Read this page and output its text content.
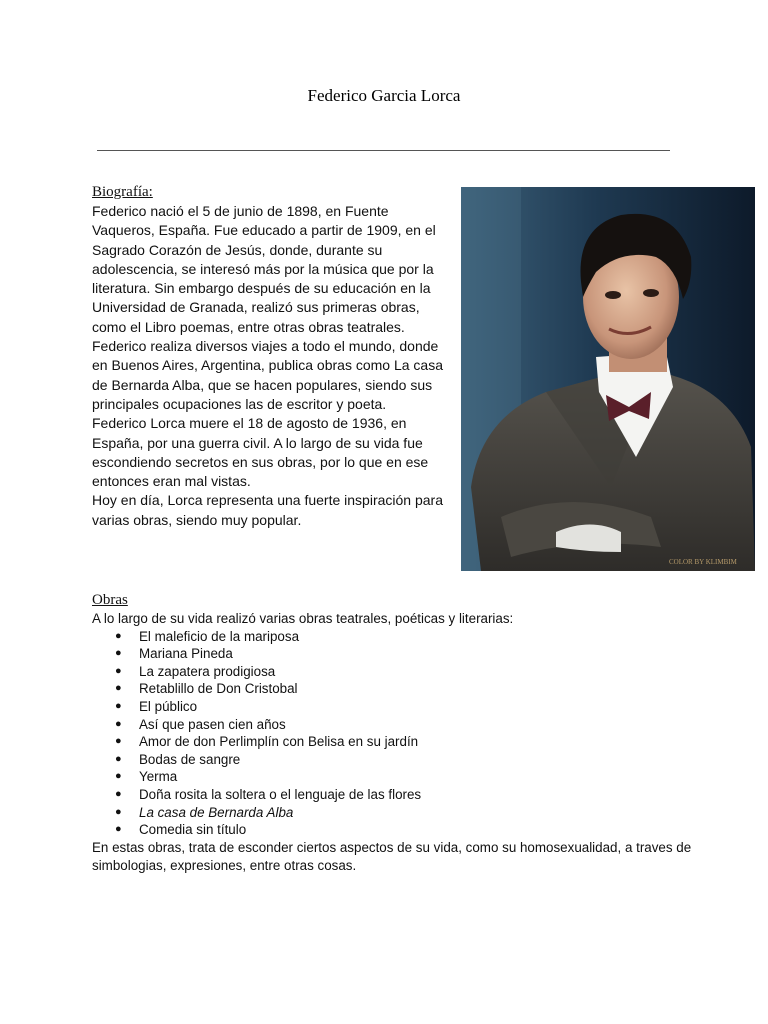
Federico Garcia Lorca
Biografía:

Federico nació el 5 de junio de 1898, en Fuente Vaqueros, España. Fue educado a partir de 1909, en el Sagrado Corazón de Jesús, donde, durante su adolescencia, se interesó más por la música que por la literatura. Sin embargo después de su educación en la Universidad de Granada, realizó sus primeras obras, como el Libro poemas, entre otras obras teatrales.

Federico realiza diversos viajes a todo el mundo, donde en Buenos Aires, Argentina, publica obras como La casa de Bernarda Alba, que se hacen populares, siendo sus principales ocupaciones las de escritor y poeta.

Federico Lorca muere el 18 de agosto de 1936, en España, por una guerra civil. A lo largo de su vida fue escondiendo secretos en sus obras, por lo que en ese entonces eran mal vistas.

Hoy en día, Lorca representa una fuerte inspiración para varias obras, siendo muy popular.

COLOR BY KLIMBIM
Obras

A lo largo de su vida realizó varias obras teatrales, poéticas y literarias:

● El maleficio de la mariposa
● Mariana Pineda
● La zapatera prodigiosa
● Retablillo de Don Cristobal
● El público
● Así que pasen cien años
● Amor de don Perlimplín con Belisa en su jardín
● Bodas de sangre
● Yerma
● Doña rosita la soltera o el lenguaje de las flores
● La casa de Bernarda Alba
● Comedia sin título

En estas obras, trata de esconder ciertos aspectos de su vida, como su homosexualidad, a traves de simbologias, expresiones, entre otras cosas.
